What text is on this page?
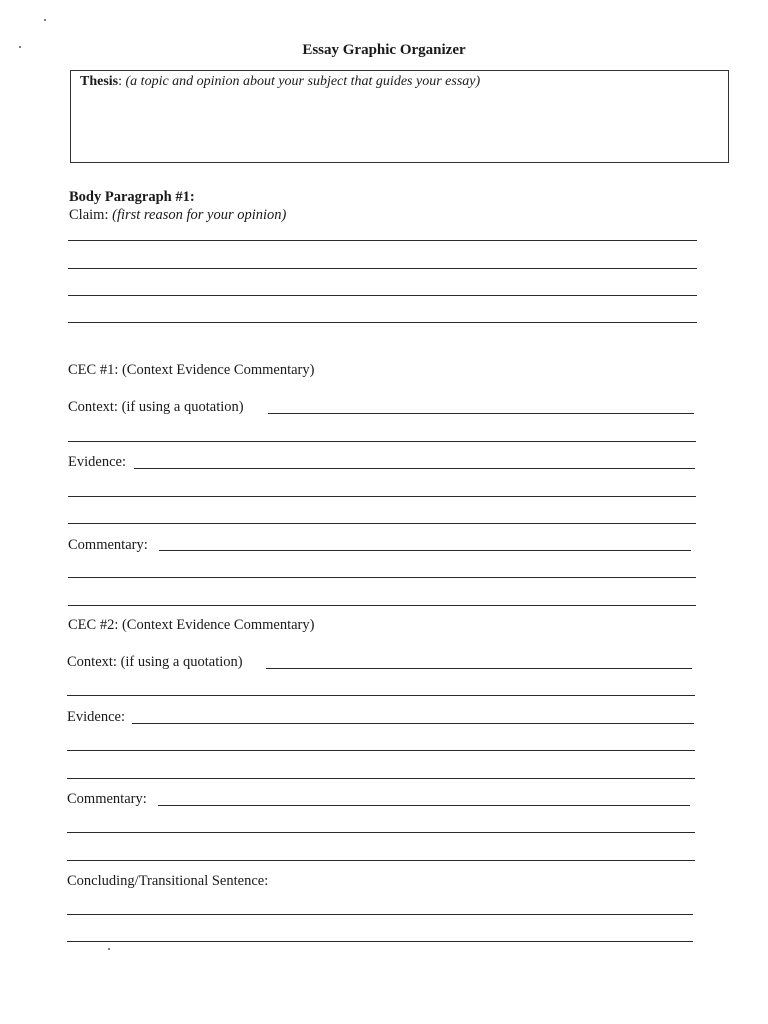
Essay Graphic Organizer
Thesis: (a topic and opinion about your subject that guides your essay)
Body Paragraph #1:
Claim: (first reason for your opinion)
CEC #1: (Context Evidence Commentary)
Context: (if using a quotation)
Evidence:
Commentary:
CEC #2: (Context Evidence Commentary)
Context: (if using a quotation)
Evidence:
Commentary:
Concluding/Transitional Sentence:
